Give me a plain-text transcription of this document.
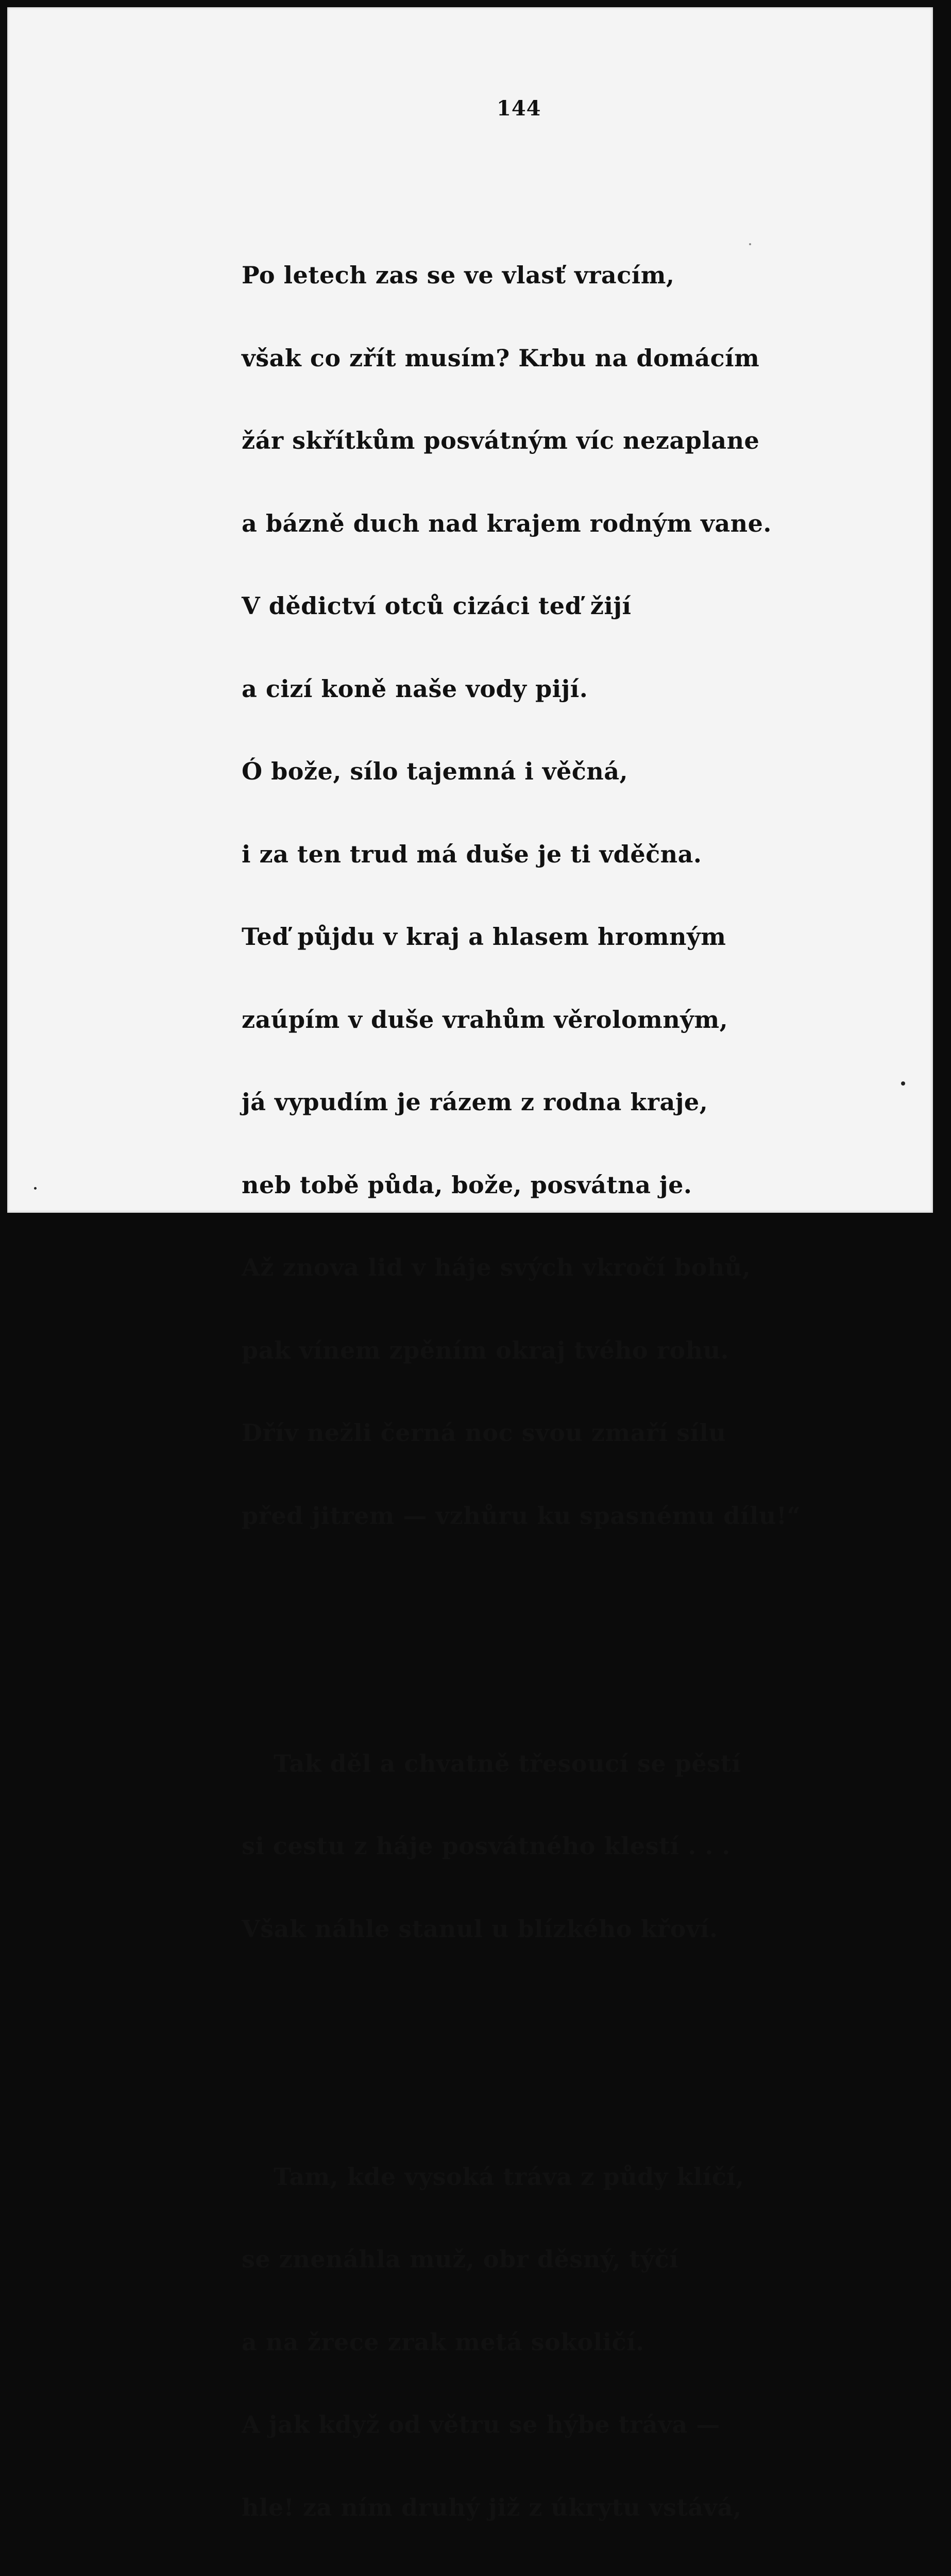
144

Po letech zas se ve vlasť vracím,

však co zřít musím? Krbu na domácím

žár skřítkům posvátným víc nezaplane

a bázně duch nad krajem rodným vane.

V dědictví otců cizáci teď žijí

a cizí koně naše vody pijí.

Ó bože, sílo tajemná i věčná,

i za ten trud má duše je ti vděčna.

Teď půjdu v kraj a hlasem hromným

zaúpím v duše vrahům věrolomným,

já vypudím je rázem z rodna kraje,

neb tobě půda, bože, posvátna je.

Až znova lid v háje svých vkročí bohů,

pak vínem zpěním okraj tvého rohu.

Dřív nežli černá noc svou zmaří sílu

před jitrem — vzhůru ku spasnému dílu!“

Tak děl a chvatně třesoucí se pěstí

si cestu z háje posvátného klestí . . .

Však náhle stanul u blízkého křoví.

Tam, kde vysoká tráva z půdy klíčí,

se znenáhla muž, obr děsný, týčí

a na žrece zrak metá sokoličí.

A jak když od větru se hýbe tráva —

hle! za ním druhý již z úkrytu vstává,
